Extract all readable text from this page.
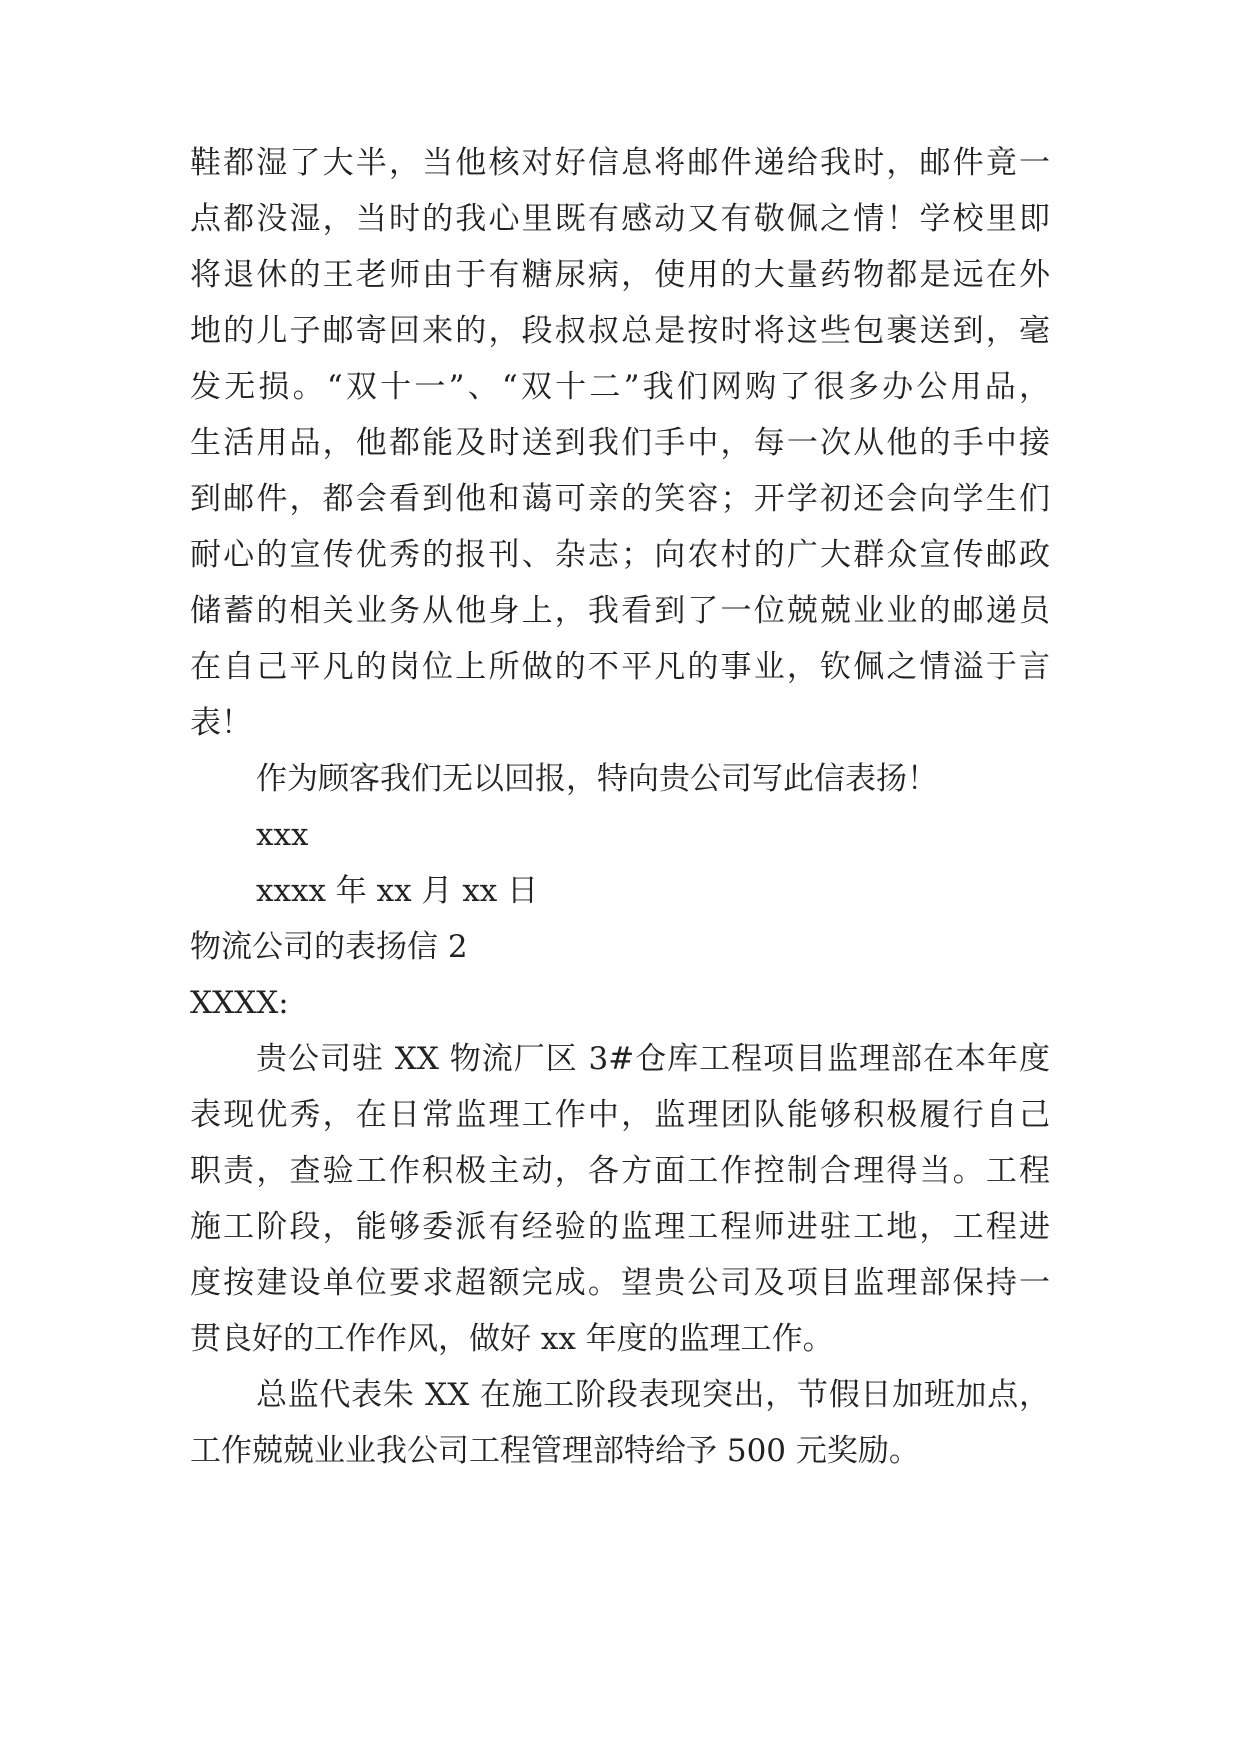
鞋都湿了大半，当他核对好信息将邮件递给我时，邮件竟一
点都没湿，当时的我心里既有感动又有敬佩之情！学校里即
将退休的王老师由于有糖尿病，使用的大量药物都是远在外
地的儿子邮寄回来的，段叔叔总是按时将这些包裹送到，毫
发无损。“双十一”、“双十二”我们网购了很多办公用品，
生活用品，他都能及时送到我们手中，每一次从他的手中接
到邮件，都会看到他和蔼可亲的笑容；开学初还会向学生们
耐心的宣传优秀的报刊、杂志；向农村的广大群众宣传邮政
储蓄的相关业务从他身上，我看到了一位兢兢业业的邮递员
在自己平凡的岗位上所做的不平凡的事业，钦佩之情溢于言
表！
作为顾客我们无以回报，特向贵公司写此信表扬！
xxx
xxxx 年 xx 月 xx 日
物流公司的表扬信 2
XXXX:
贵公司驻 XX 物流厂区 3#仓库工程项目监理部在本年度
表现优秀，在日常监理工作中，监理团队能够积极履行自己
职责，查验工作积极主动，各方面工作控制合理得当。工程
施工阶段，能够委派有经验的监理工程师进驻工地，工程进
度按建设单位要求超额完成。望贵公司及项目监理部保持一
贯良好的工作作风，做好 xx 年度的监理工作。
总监代表朱 XX 在施工阶段表现突出，节假日加班加点，
工作兢兢业业我公司工程管理部特给予 500 元奖励。
